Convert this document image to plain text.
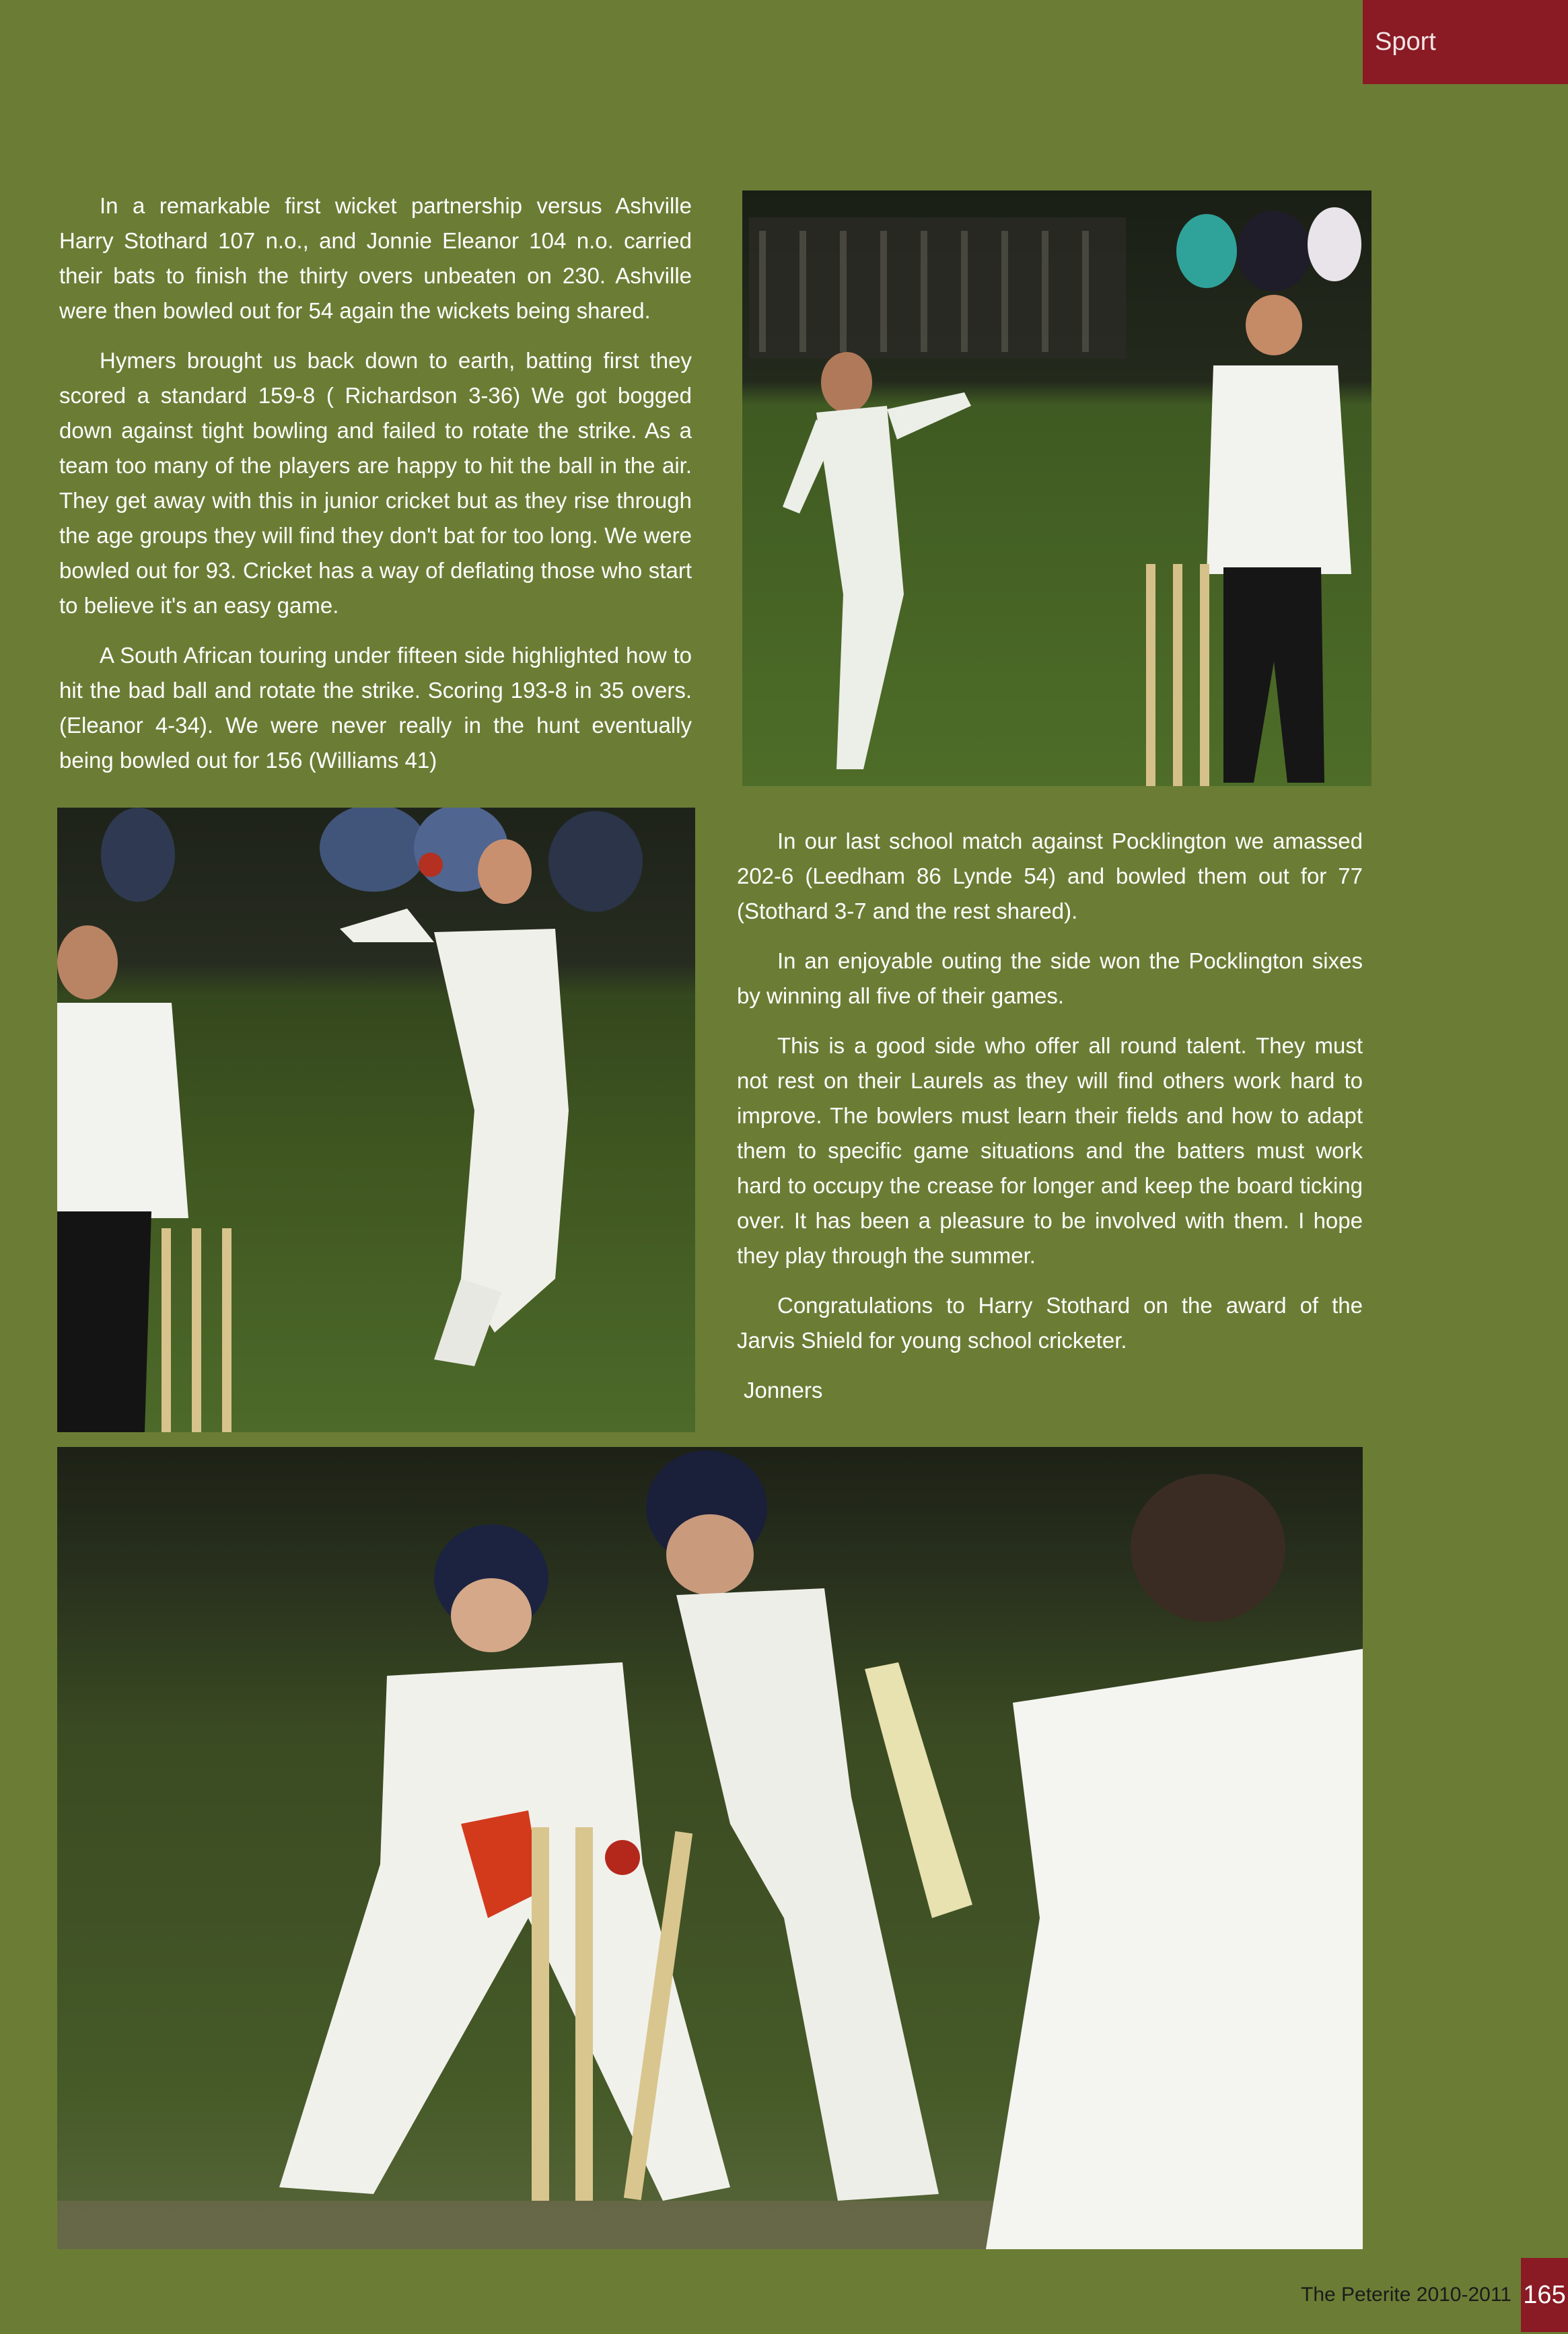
Sport

In a remarkable first wicket partnership versus Ashville Harry Stothard 107 n.o., and Jonnie Eleanor 104 n.o. carried their bats to finish the thirty overs unbeaten on 230. Ashville were then bowled out for 54 again the wickets being shared.

Hymers brought us back down to earth, batting first they scored a standard 159-8 ( Richardson 3-36) We got bogged down against tight bowling and failed to rotate the strike. As a team too many of the players are happy to hit the ball in the air. They get away with this in junior cricket but as they rise through the age groups they will find they don't bat for too long. We were bowled out for 93. Cricket has a way of deflating those who start to believe it's an easy game.

A South African touring under fifteen side highlighted how to hit the bad ball and rotate the strike. Scoring 193-8 in 35 overs. (Eleanor 4-34). We were never really in the hunt eventually being bowled out for 156 (Williams 41)

In our last school match against Pocklington we amassed 202-6 (Leedham 86 Lynde 54) and bowled them out for 77 (Stothard 3-7 and the rest shared).

In an enjoyable outing the side won the Pocklington sixes by winning all five of their games.

This is a good side who offer all round talent. They must not rest on their Laurels as they will find others work hard to improve. The bowlers must learn their fields and how to adapt them to specific game situations and the batters must work hard to occupy the crease for longer and keep the board ticking over. It has been a pleasure to be involved with them. I hope they play through the summer.

Congratulations to Harry Stothard on the award of the Jarvis Shield for young school cricketer.

Jonners

The Peterite 2010-2011 165
